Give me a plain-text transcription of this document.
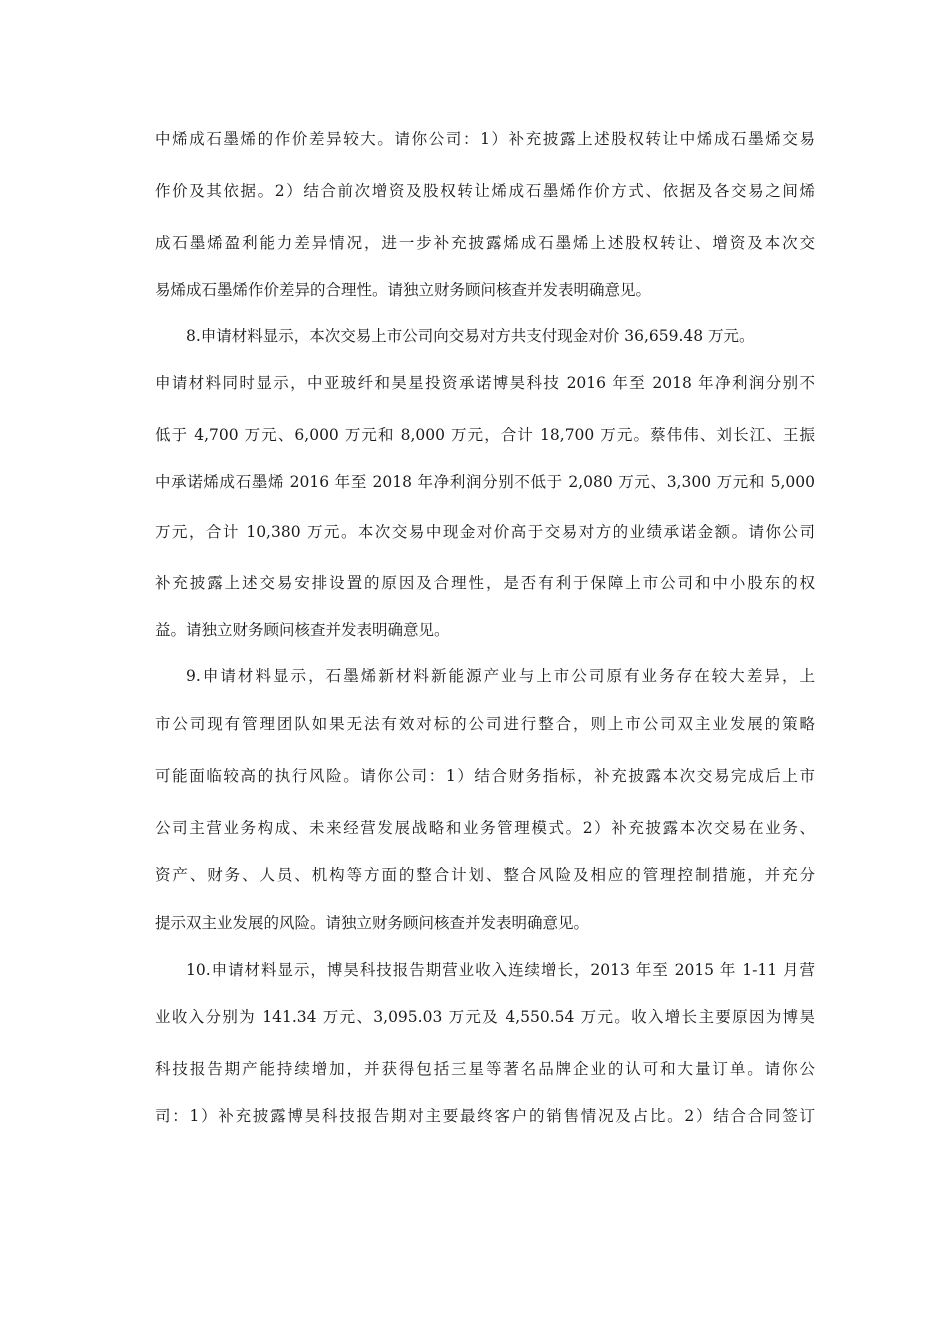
中烯成石墨烯的作价差异较大。请你公司：1）补充披露上述股权转让中烯成石墨烯交易
作价及其依据。2）结合前次增资及股权转让烯成石墨烯作价方式、依据及各交易之间烯
成石墨烯盈利能力差异情况，进一步补充披露烯成石墨烯上述股权转让、增资及本次交
易烯成石墨烯作价差异的合理性。请独立财务顾问核查并发表明确意见。
8.申请材料显示，本次交易上市公司向交易对方共支付现金对价 36,659.48 万元。
申请材料同时显示，中亚玻纤和昊星投资承诺博昊科技 2016 年至 2018 年净利润分别不
低于 4,700 万元、6,000 万元和 8,000 万元，合计 18,700 万元。蔡伟伟、刘长江、王振
中承诺烯成石墨烯 2016 年至 2018 年净利润分别不低于 2,080 万元、3,300 万元和 5,000
万元，合计 10,380 万元。本次交易中现金对价高于交易对方的业绩承诺金额。请你公司
补充披露上述交易安排设置的原因及合理性，是否有利于保障上市公司和中小股东的权
益。请独立财务顾问核查并发表明确意见。
9.申请材料显示，石墨烯新材料新能源产业与上市公司原有业务存在较大差异，上
市公司现有管理团队如果无法有效对标的公司进行整合，则上市公司双主业发展的策略
可能面临较高的执行风险。请你公司：1）结合财务指标，补充披露本次交易完成后上市
公司主营业务构成、未来经营发展战略和业务管理模式。2）补充披露本次交易在业务、
资产、财务、人员、机构等方面的整合计划、整合风险及相应的管理控制措施，并充分
提示双主业发展的风险。请独立财务顾问核查并发表明确意见。
10.申请材料显示，博昊科技报告期营业收入连续增长，2013 年至 2015 年 1-11 月营
业收入分别为 141.34 万元、3,095.03 万元及 4,550.54 万元。收入增长主要原因为博昊
科技报告期产能持续增加，并获得包括三星等著名品牌企业的认可和大量订单。请你公
司：1）补充披露博昊科技报告期对主要最终客户的销售情况及占比。2）结合合同签订
